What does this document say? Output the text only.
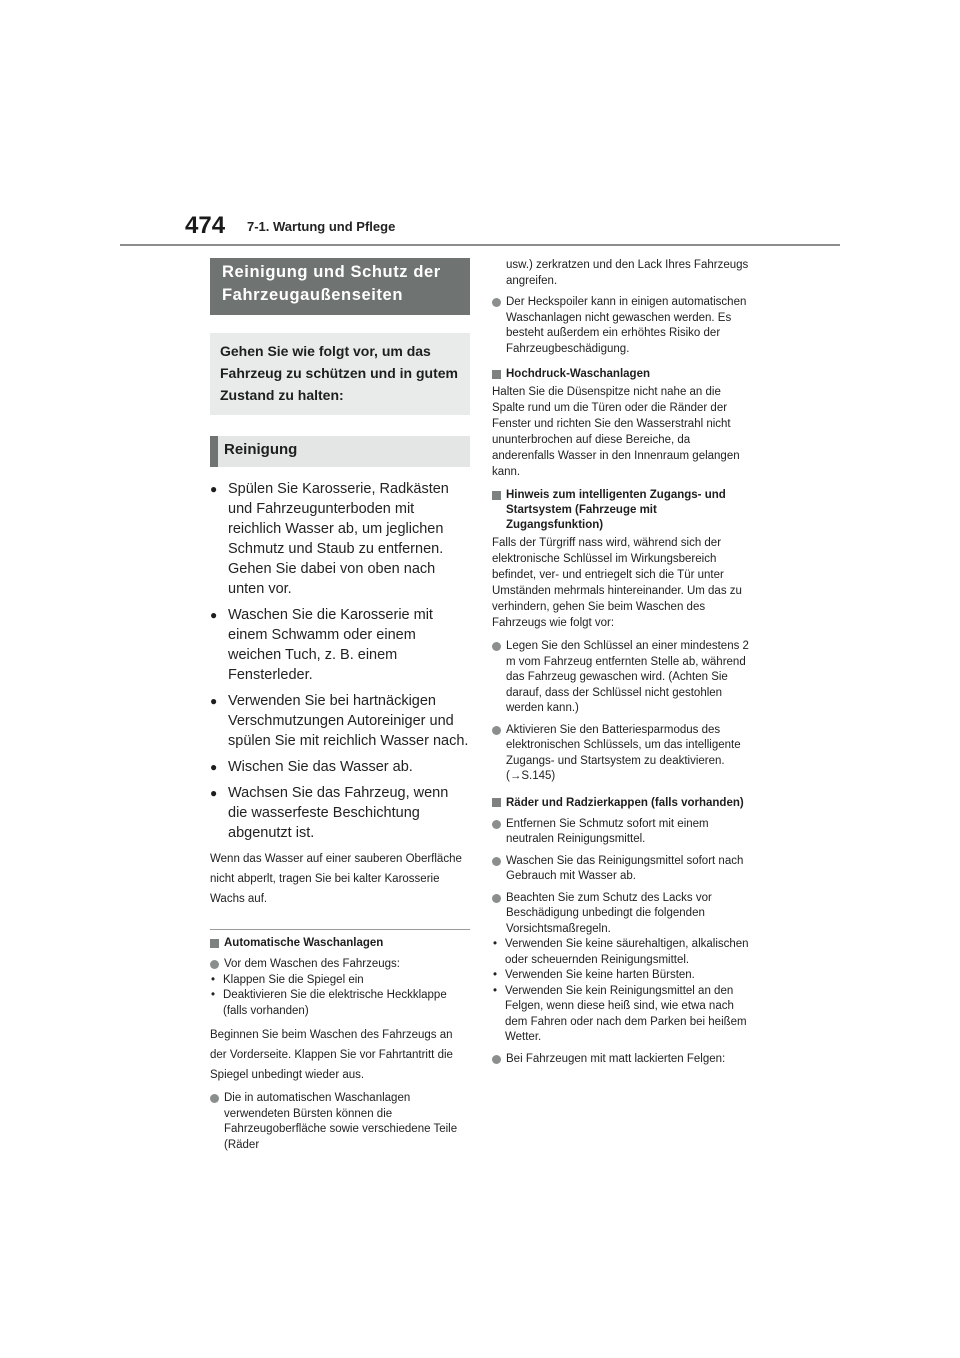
474 7-1. Wartung und Pflege
Reinigung und Schutz der Fahrzeugaußenseiten
Gehen Sie wie folgt vor, um das Fahrzeug zu schützen und in gutem Zustand zu halten:
Reinigung
● Spülen Sie Karosserie, Radkästen und Fahrzeugunterboden mit reichlich Wasser ab, um jeglichen Schmutz und Staub zu entfernen. Gehen Sie dabei von oben nach unten vor.
● Waschen Sie die Karosserie mit einem Schwamm oder einem weichen Tuch, z. B. einem Fensterleder.
● Verwenden Sie bei hartnäckigen Verschmutzungen Autoreiniger und spülen Sie mit reichlich Wasser nach.
● Wischen Sie das Wasser ab.
● Wachsen Sie das Fahrzeug, wenn die wasserfeste Beschichtung abgenutzt ist.

Wenn das Wasser auf einer sauberen Oberfläche nicht abperlt, tragen Sie bei kalter Karosserie Wachs auf.

Automatische Waschanlagen
Vor dem Waschen des Fahrzeugs:
• Klappen Sie die Spiegel ein
• Deaktivieren Sie die elektrische Heckklappe (falls vorhanden)

Beginnen Sie beim Waschen des Fahrzeugs an der Vorderseite. Klappen Sie vor Fahrtantritt die Spiegel unbedingt wieder aus.

Die in automatischen Waschanlagen verwendeten Bürsten können die Fahrzeugoberfläche sowie verschiedene Teile (Räder

usw.) zerkratzen und den Lack Ihres Fahrzeugs angreifen.

Der Heckspoiler kann in einigen automatischen Waschanlagen nicht gewaschen werden. Es besteht außerdem ein erhöhtes Risiko der Fahrzeugbeschädigung.
Hochdruck-Waschanlagen

Halten Sie die Düsenspitze nicht nahe an die Spalte rund um die Türen oder die Ränder der Fenster und richten Sie den Wasserstrahl nicht ununterbrochen auf diese Bereiche, da anderenfalls Wasser in den Innenraum gelangen kann.

Hinweis zum intelligenten Zugangs- und Startsystem (Fahrzeuge mit Zugangsfunktion)

Falls der Türgriff nass wird, während sich der elektronische Schlüssel im Wirkungsbereich befindet, ver- und entriegelt sich die Tür unter Umständen mehrmals hintereinander. Um das zu verhindern, gehen Sie beim Waschen des Fahrzeugs wie folgt vor:

Legen Sie den Schlüssel an einer mindestens 2 m vom Fahrzeug entfernten Stelle ab, während das Fahrzeug gewaschen wird. (Achten Sie darauf, dass der Schlüssel nicht gestohlen werden kann.)
Aktivieren Sie den Batteriesparmodus des elektronischen Schlüssels, um das intelligente Zugangs- und Startsystem zu deaktivieren. (→S.145)
Räder und Radzierkappen (falls vorhanden)
Entfernen Sie Schmutz sofort mit einem neutralen Reinigungsmittel.
Waschen Sie das Reinigungsmittel sofort nach Gebrauch mit Wasser ab.
Beachten Sie zum Schutz des Lacks vor Beschädigung unbedingt die folgenden Vorsichtsmaßregeln.
• Verwenden Sie keine säurehaltigen, alkalischen oder scheuernden Reinigungsmittel.
• Verwenden Sie keine harten Bürsten.
• Verwenden Sie kein Reinigungsmittel an den Felgen, wenn diese heiß sind, wie etwa nach dem Fahren oder nach dem Parken bei heißem Wetter.
Bei Fahrzeugen mit matt lackierten Felgen:
